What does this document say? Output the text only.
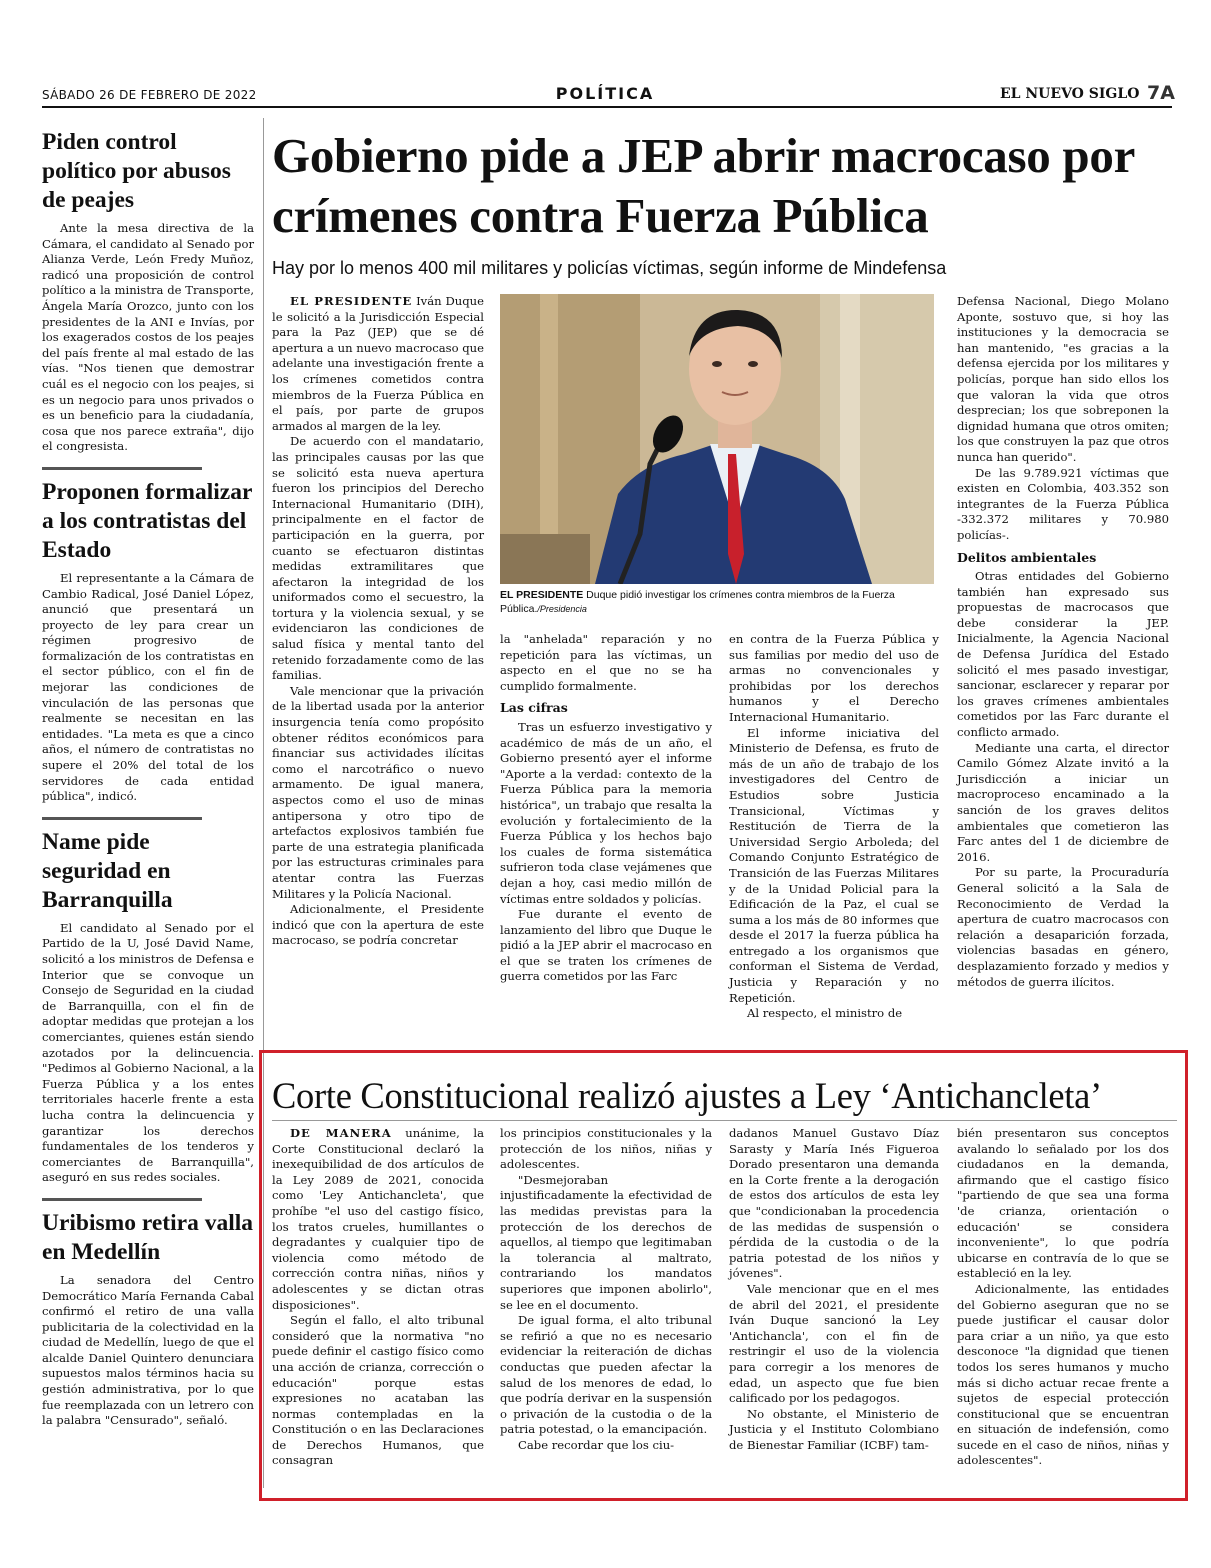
SÁBADO 26 DE FEBRERO DE 2022	POLÍTICA	EL NUEVO SIGLO 7A
Piden control político por abusos de peajes

Ante la mesa directiva de la Cámara, el candidato al Senado por Alianza Verde, León Fredy Muñoz, radicó una proposición de control político a la ministra de Transporte, Ángela María Orozco, junto con los presidentes de la ANI e Invías, por los exagerados costos de los peajes del país frente al mal estado de las vías. "Nos tienen que demostrar cuál es el negocio con los peajes, si es un negocio para unos privados o es un beneficio para la ciudadanía, cosa que nos parece extraña", dijo el congresista.

Proponen formalizar a los contratistas del Estado

El representante a la Cámara de Cambio Radical, José Daniel López, anunció que presentará un proyecto de ley para crear un régimen progresivo de formalización de los contratistas en el sector público, con el fin de mejorar las condiciones de vinculación de las personas que realmente se necesitan en las entidades. "La meta es que a cinco años, el número de contratistas no supere el 20% del total de los servidores de cada entidad pública", indicó.

Name pide seguridad en Barranquilla

El candidato al Senado por el Partido de la U, José David Name, solicitó a los ministros de Defensa e Interior que se convoque un Consejo de Seguridad en la ciudad de Barranquilla, con el fin de adoptar medidas que protejan a los comerciantes, quienes están siendo azotados por la delincuencia. "Pedimos al Gobierno Nacional, a la Fuerza Pública y a los entes territoriales hacerle frente a esta lucha contra la delincuencia y garantizar los derechos fundamentales de los tenderos y comerciantes de Barranquilla", aseguró en sus redes sociales.

Uribismo retira valla en Medellín

La senadora del Centro Democrático María Fernanda Cabal confirmó el retiro de una valla publicitaria de la colectividad en la ciudad de Medellín, luego de que el alcalde Daniel Quintero denunciara supuestos malos términos hacia su gestión administrativa, por lo que fue reemplazada con un letrero con la palabra "Censurado", señaló.

Gobierno pide a JEP abrir macrocaso por crímenes contra Fuerza Pública
Hay por lo menos 400 mil militares y policías víctimas, según informe de Mindefensa

EL PRESIDENTE Iván Duque le solicitó a la Jurisdicción Especial para la Paz (JEP) que se dé apertura a un nuevo macrocaso que adelante una investigación frente a los crímenes cometidos contra miembros de la Fuerza Pública en el país, por parte de grupos armados al margen de la ley.

De acuerdo con el mandatario, las principales causas por las que se solicitó esta nueva apertura fueron los principios del Derecho Internacional Humanitario (DIH), principalmente en el factor de participación en la guerra, por cuanto se efectuaron distintas medidas extramilitares que afectaron la integridad de los uniformados como el secuestro, la tortura y la violencia sexual, y se evidenciaron las condiciones de salud física y mental tanto del retenido forzadamente como de las familias.

Vale mencionar que la privación de la libertad usada por la anterior insurgencia tenía como propósito obtener réditos económicos para financiar sus actividades ilícitas como el narcotráfico o nuevo armamento. De igual manera, aspectos como el uso de minas antipersona y otro tipo de artefactos explosivos también fue parte de una estrategia planificada por las estructuras criminales para atentar contra las Fuerzas Militares y la Policía Nacional.

Adicionalmente, el Presidente indicó que con la apertura de este macrocaso, se podría concretar

EL PRESIDENTE Duque pidió investigar los crímenes contra miembros de la Fuerza Pública./Presidencia

la "anhelada" reparación y no repetición para las víctimas, un aspecto en el que no se ha cumplido formalmente.

Las cifras

Tras un esfuerzo investigativo y académico de más de un año, el Gobierno presentó ayer el informe "Aporte a la verdad: contexto de la Fuerza Pública para la memoria histórica", un trabajo que resalta la evolución y fortalecimiento de la Fuerza Pública y los hechos bajo los cuales de forma sistemática sufrieron toda clase vejámenes que dejan a hoy, casi medio millón de víctimas entre soldados y policías.

Fue durante el evento de lanzamiento del libro que Duque le pidió a la JEP abrir el macrocaso en el que se traten los crímenes de guerra cometidos por las Farc

en contra de la Fuerza Pública y sus familias por medio del uso de armas no convencionales y prohibidas por los derechos humanos y el Derecho Internacional Humanitario.

El informe iniciativa del Ministerio de Defensa, es fruto de más de un año de trabajo de los investigadores del Centro de Estudios sobre Justicia Transicional, Víctimas y Restitución de Tierra de la Universidad Sergio Arboleda; del Comando Conjunto Estratégico de Transición de las Fuerzas Militares y de la Unidad Policial para la Edificación de la Paz, el cual se suma a los más de 80 informes que desde el 2017 la fuerza pública ha entregado a los organismos que conforman el Sistema de Verdad, Justicia y Reparación y no Repetición.

Al respecto, el ministro de

Defensa Nacional, Diego Molano Aponte, sostuvo que, si hoy las instituciones y la democracia se han mantenido, "es gracias a la defensa ejercida por los militares y policías, porque han sido ellos los que valoran la vida que otros desprecian; los que sobreponen la dignidad humana que otros omiten; los que construyen la paz que otros nunca han querido".

De las 9.789.921 víctimas que existen en Colombia, 403.352 son integrantes de la Fuerza Pública -332.372 militares y 70.980 policías-.

Delitos ambientales

Otras entidades del Gobierno también han expresado sus propuestas de macrocasos que debe considerar la JEP. Inicialmente, la Agencia Nacional de Defensa Jurídica del Estado solicitó el mes pasado investigar, sancionar, esclarecer y reparar por los graves crímenes ambientales cometidos por las Farc durante el conflicto armado.

Mediante una carta, el director Camilo Gómez Alzate invitó a la Jurisdicción a iniciar un macroproceso encaminado a la sanción de los graves delitos ambientales que cometieron las Farc antes del 1 de diciembre de 2016.

Por su parte, la Procuraduría General solicitó a la Sala de Reconocimiento de Verdad la apertura de cuatro macrocasos con relación a desaparición forzada, violencias basadas en género, desplazamiento forzado y medios y métodos de guerra ilícitos.

Corte Constitucional realizó ajustes a Ley ‘Antichancleta’

DE MANERA unánime, la Corte Constitucional declaró la inexequibilidad de dos artículos de la Ley 2089 de 2021, conocida como 'Ley Antichancleta', que prohíbe "el uso del castigo físico, los tratos crueles, humillantes o degradantes y cualquier tipo de violencia como método de corrección contra niñas, niños y adolescentes y se dictan otras disposiciones".

Según el fallo, el alto tribunal consideró que la normativa "no puede definir el castigo físico como una acción de crianza, corrección o educación" porque estas expresiones no acataban las normas contempladas en la Constitución o en las Declaraciones de Derechos Humanos, que consagran

los principios constitucionales y la protección de los niños, niñas y adolescentes.

"Desmejoraban injustificadamente la efectividad de las medidas previstas para la protección de los derechos de aquellos, al tiempo que legitimaban la tolerancia al maltrato, contrariando los mandatos superiores que imponen abolirlo", se lee en el documento.

De igual forma, el alto tribunal se refirió a que no es necesario evidenciar la reiteración de dichas conductas que pueden afectar la salud de los menores de edad, lo que podría derivar en la suspensión o privación de la custodia o de la patria potestad, o la emancipación.

Cabe recordar que los ciu-

dadanos Manuel Gustavo Díaz Sarasty y María Inés Figueroa Dorado presentaron una demanda en la Corte frente a la derogación de estos dos artículos de esta ley que "condicionaban la procedencia de las medidas de suspensión o pérdida de la custodia o de la patria potestad de los niños y jóvenes".

Vale mencionar que en el mes de abril del 2021, el presidente Iván Duque sancionó la Ley 'Antichancla', con el fin de restringir el uso de la violencia para corregir a los menores de edad, un aspecto que fue bien calificado por los pedagogos.

No obstante, el Ministerio de Justicia y el Instituto Colombiano de Bienestar Familiar (ICBF) tam-

bién presentaron sus conceptos avalando lo señalado por los dos ciudadanos en la demanda, afirmando que el castigo físico "partiendo de que sea una forma 'de crianza, orientación o educación' se considera inconveniente", lo que podría ubicarse en contravía de lo que se estableció en la ley.

Adicionalmente, las entidades del Gobierno aseguran que no se puede justificar el causar dolor para criar a un niño, ya que esto desconoce "la dignidad que tienen todos los seres humanos y mucho más si dicho actuar recae frente a sujetos de especial protección constitucional que se encuentran en situación de indefensión, como sucede en el caso de niños, niñas y adolescentes".
